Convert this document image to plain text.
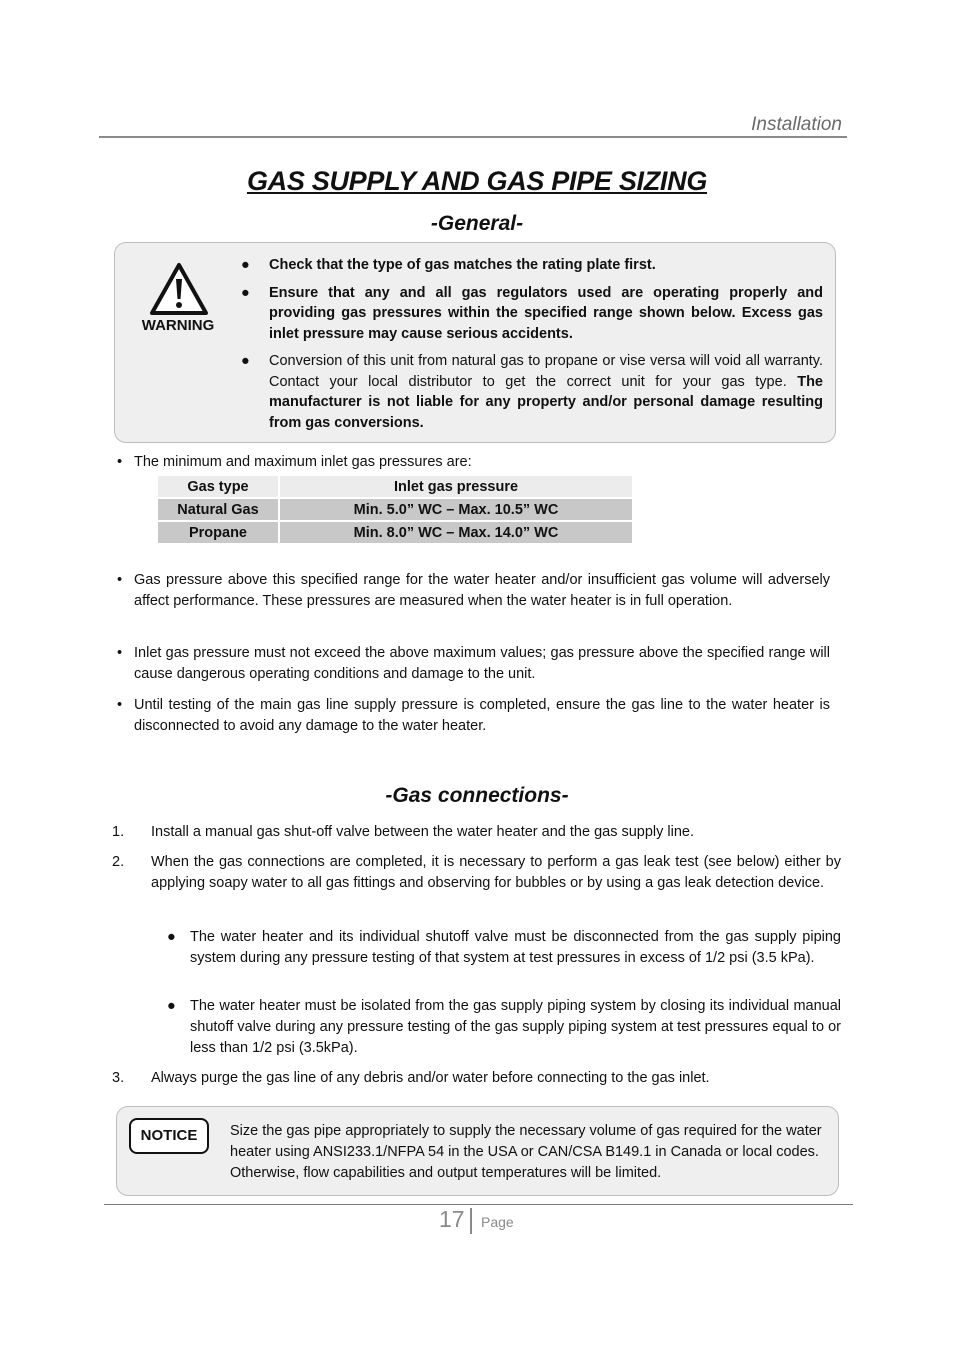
Installation
GAS SUPPLY AND GAS PIPE SIZING
-General-
WARNING
● Check that the type of gas matches the rating plate first.
● Ensure that any and all gas regulators used are operating properly and providing gas pressures within the specified range shown below. Excess gas inlet pressure may cause serious accidents.
● Conversion of this unit from natural gas to propane or vise versa will void all warranty. Contact your local distributor to get the correct unit for your gas type. The manufacturer is not liable for any property and/or personal damage resulting from gas conversions.
• The minimum and maximum inlet gas pressures are:
Gas type	Inlet gas pressure
Natural Gas	Min. 5.0” WC – Max. 10.5” WC
Propane	Min. 8.0” WC – Max. 14.0” WC
• Gas pressure above this specified range for the water heater and/or insufficient gas volume will adversely affect performance. These pressures are measured when the water heater is in full operation.
• Inlet gas pressure must not exceed the above maximum values; gas pressure above the specified range will cause dangerous operating conditions and damage to the unit.
• Until testing of the main gas line supply pressure is completed, ensure the gas line to the water heater is disconnected to avoid any damage to the water heater.
-Gas connections-
1. Install a manual gas shut-off valve between the water heater and the gas supply line.
2. When the gas connections are completed, it is necessary to perform a gas leak test (see below) either by applying soapy water to all gas fittings and observing for bubbles or by using a gas leak detection device.
● The water heater and its individual shutoff valve must be disconnected from the gas supply piping system during any pressure testing of that system at test pressures in excess of 1/2 psi (3.5 kPa).
● The water heater must be isolated from the gas supply piping system by closing its individual manual shutoff valve during any pressure testing of the gas supply piping system at test pressures equal to or less than 1/2 psi (3.5kPa).
3. Always purge the gas line of any debris and/or water before connecting to the gas inlet.
NOTICE	Size the gas pipe appropriately to supply the necessary volume of gas required for the water heater using ANSI233.1/NFPA 54 in the USA or CAN/CSA B149.1 in Canada or local codes. Otherwise, flow capabilities and output temperatures will be limited.
17 Page
